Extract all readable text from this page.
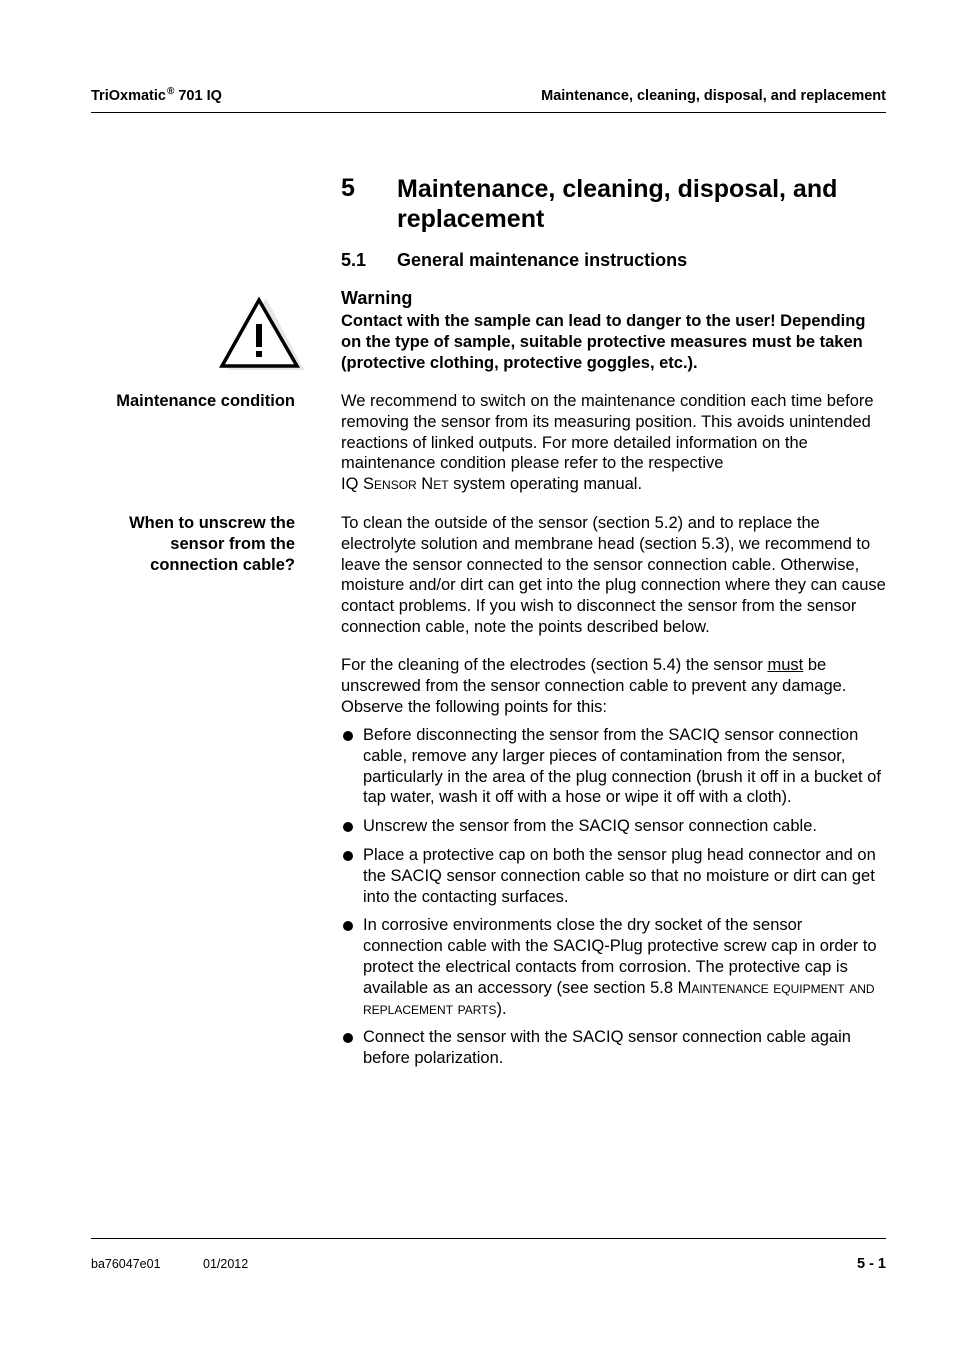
TriOxmatic® 701 IQ	Maintenance, cleaning, disposal, and replacement
5 Maintenance, cleaning, disposal, and replacement
5.1 General maintenance instructions
Warning
Contact with the sample can lead to danger to the user! Depending on the type of sample, suitable protective measures must be taken (protective clothing, protective goggles, etc.).
Maintenance condition	We recommend to switch on the maintenance condition each time before removing the sensor from its measuring position. This avoids unintended reactions of linked outputs. For more detailed information on the maintenance condition please refer to the respective
IQ Sensor Net system operating manual.
When to unscrew the sensor from the connection cable?
To clean the outside of the sensor (section 5.2) and to replace the electrolyte solution and membrane head (section 5.3), we recommend to leave the sensor connected to the sensor connection cable. Otherwise, moisture and/or dirt can get into the plug connection where they can cause contact problems. If you wish to disconnect the sensor from the sensor connection cable, note the points described below.
For the cleaning of the electrodes (section 5.4) the sensor must be unscrewed from the sensor connection cable to prevent any damage. Observe the following points for this:
Before disconnecting the sensor from the SACIQ sensor connection cable, remove any larger pieces of contamination from the sensor, particularly in the area of the plug connection (brush it off in a bucket of tap water, wash it off with a hose or wipe it off with a cloth).
Unscrew the sensor from the SACIQ sensor connection cable.
Place a protective cap on both the sensor plug head connector and on the SACIQ sensor connection cable so that no moisture or dirt can get into the contacting surfaces.
In corrosive environments close the dry socket of the sensor connection cable with the SACIQ-Plug protective screw cap in order to protect the electrical contacts from corrosion. The protective cap is available as an accessory (see section 5.8 Maintenance equipment and replacement parts).
Connect the sensor with the SACIQ sensor connection cable again before polarization.
ba76047e01	01/2012	5 - 1
